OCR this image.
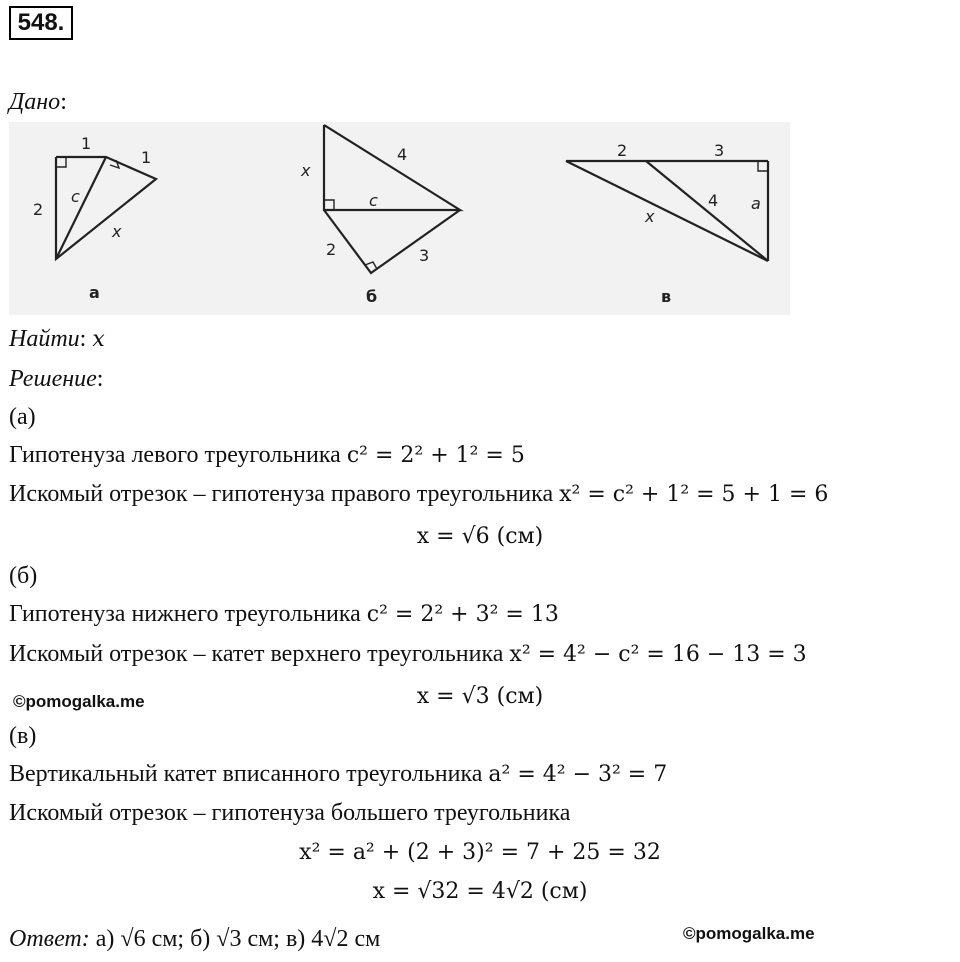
548.
Дано:
1
1
2
c
x
а
x
4
c
2	3
б
2	3
4
x
a
в
Найти: x
Решение:
(а)
Гипотенуза левого треугольника c² = 2² + 1² = 5
Искомый отрезок – гипотенуза правого треугольника x² = c² + 1² = 5 + 1 = 6
x = √6 (см)
(б)
Гипотенуза нижнего треугольника c² = 2² + 3² = 13
Искомый отрезок – катет верхнего треугольника x² = 4² − c² = 16 − 13 = 3
©pomogalka.me	x = √3 (см)
(в)
Вертикальный катет вписанного треугольника a² = 4² − 3² = 7
Искомый отрезок – гипотенуза большего треугольника
x² = a² + (2 + 3)² = 7 + 25 = 32
x = √32 = 4√2 (см)
Ответ: а) √6 см; б) √3 см; в) 4√2 см	©pomogalka.me
